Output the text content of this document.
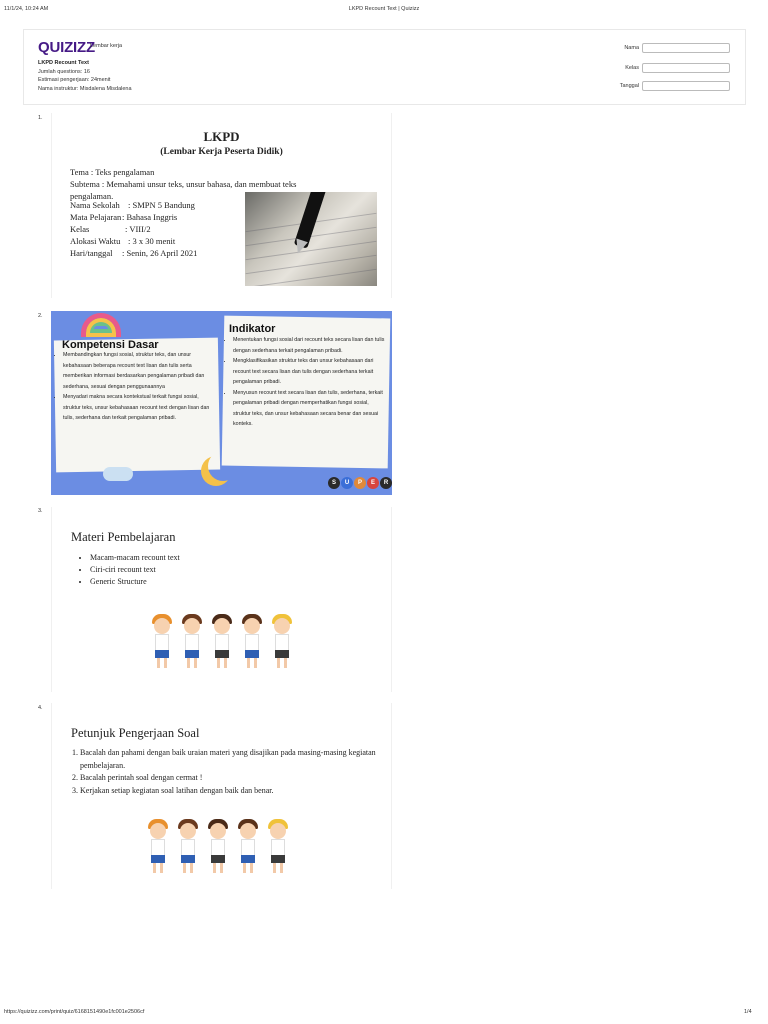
11/1/24, 10:24 AM	LKPD Recount Text | Quizizz
QUIZIZZ
Lembar kerja
LKPD Recount Text
Jumlah questions: 16
Estimasi pengerjaan: 24menit
Nama instruktur: Misdalena Misdalena
Nama
Kelas
Tanggal
1.
LKPD
(Lembar Kerja Peserta Didik)
Tema : Teks pengalaman
Subtema : Memahami unsur teks, unsur bahasa, dan membuat teks
pengalaman.
Nama Sekolah : SMPN 5 Bandung
Mata Pelajaran : Bahasa Inggris
Kelas	: VIII/2
Alokasi Waktu : 3 x 30 menit
Hari/tanggal : Senin, 26 April 2021
2.
Kompetensi Dasar
• Membandingkan fungsi sosial, struktur teks, dan unsur kebahasaan beberapa recount text lisan dan tulis serta memberikan informasi berdasarkan pengalaman pribadi dan sederhana, sesuai dengan penggunaannya
• Menyadari makna secara kontekstual terkait fungsi sosial, struktur teks, unsur kebahasaan recount text dengan lisan dan tulis, sederhana dan terkait pengalaman pribadi.
Indikator
• Menentukan fungsi sosial dari recount teks secara lisan dan tulis dengan sederhana terkait pengalaman pribadi.
• Mengklasifikasikan struktur teks dan unsur kebahasaan dari recount text secara lisan dan tulis dengan sederhana terkait pengalaman pribadi.
• Menyusun recount text secara lisan dan tulis, sederhana, terkait pengalaman pribadi dengan memperhatikan fungsi sosial, struktur teks, dan unsur kebahasaan secara benar dan sesuai konteks.
S	U	P	E	R
3.
Materi Pembelajaran
• Macam-macam recount text
• Ciri-ciri recount text
• Generic Structure
4.
Petunjuk Pengerjaan Soal
1. Bacalah dan pahami dengan baik uraian materi yang disajikan pada masing-masing kegiatan pembelajaran.
2. Bacalah perintah soal dengan cermat !
3. Kerjakan setiap kegiatan soal latihan dengan baik dan benar.
https://quizizz.com/print/quiz/6168151490e1fc001e2506cf	1/4
